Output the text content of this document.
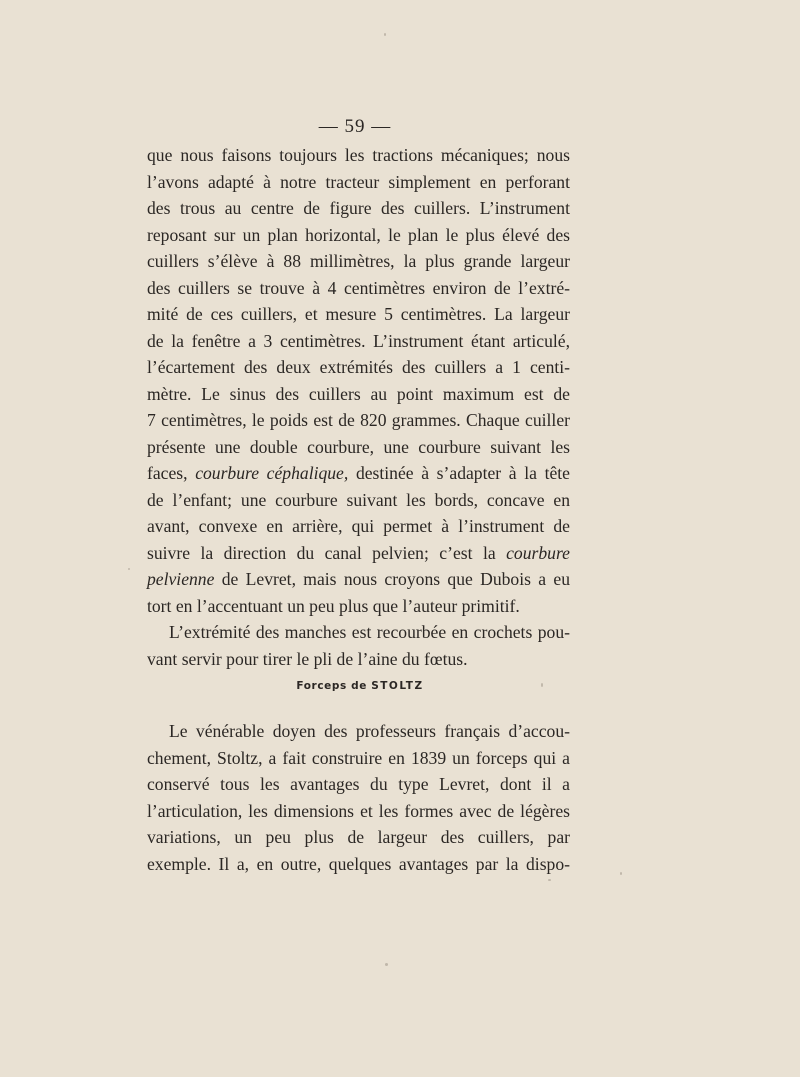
— 59 —
que nous faisons toujours les tractions mécaniques; nous
l’avons adapté à notre tracteur simplement en perforant
des trous au centre de figure des cuillers. L’instrument
reposant sur un plan horizontal, le plan le plus élevé des
cuillers s’élève à 88 millimètres, la plus grande largeur
des cuillers se trouve à 4 centimètres environ de l’extré-
mité de ces cuillers, et mesure 5 centimètres. La largeur
de la fenêtre a 3 centimètres. L’instrument étant articulé,
l’écartement des deux extrémités des cuillers a 1 centi-
mètre. Le sinus des cuillers au point maximum est de
7 centimètres, le poids est de 820 grammes. Chaque cuiller
présente une double courbure, une courbure suivant les
faces, courbure céphalique, destinée à s’adapter à la tête
de l’enfant; une courbure suivant les bords, concave en
avant, convexe en arrière, qui permet à l’instrument de
suivre la direction du canal pelvien; c’est la courbure
pelvienne de Levret, mais nous croyons que Dubois a eu
tort en l’accentuant un peu plus que l’auteur primitif.
L’extrémité des manches est recourbée en crochets pou-
vant servir pour tirer le pli de l’aine du fœtus.
Forceps de STOLTZ
Le vénérable doyen des professeurs français d’accou-
chement, Stoltz, a fait construire en 1839 un forceps qui a
conservé tous les avantages du type Levret, dont il a
l’articulation, les dimensions et les formes avec de légères
variations, un peu plus de largeur des cuillers, par
exemple. Il a, en outre, quelques avantages par la dispo-
